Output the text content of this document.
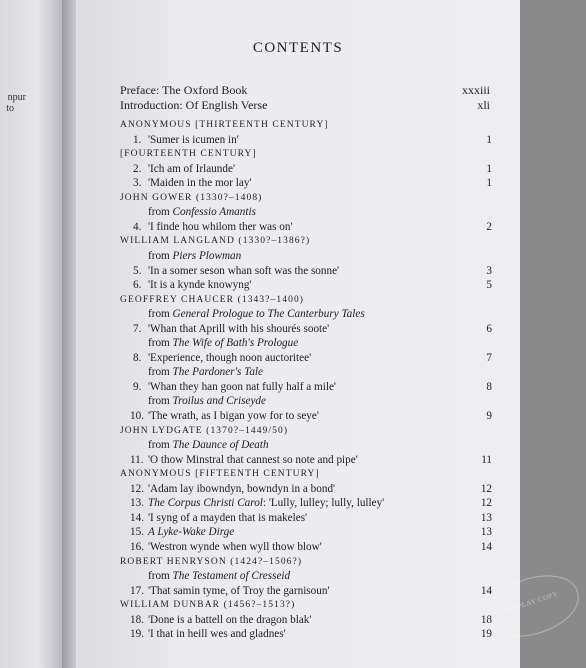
npur
to
CONTENTS
Preface: The Oxford Book	xxxiii
Introduction: Of English Verse	xli
ANONYMOUS [THIRTEENTH CENTURY]
1. 'Sumer is icumen in'	1
[FOURTEENTH CENTURY]
2. 'Ich am of Irlaunde'	1
3. 'Maiden in the mor lay'	1
JOHN GOWER (1330?–1408)
from Confessio Amantis
4. 'I finde hou whilom ther was on'	2
WILLIAM LANGLAND (1330?–1386?)
from Piers Plowman
5. 'In a somer seson whan soft was the sonne'	3
6. 'It is a kynde knowyng'	5
GEOFFREY CHAUCER (1343?–1400)
from General Prologue to The Canterbury Tales
7. 'Whan that Aprill with his shourés soote'	6
from The Wife of Bath's Prologue
8. 'Experience, though noon auctoritee'	7
from The Pardoner's Tale
9. 'Whan they han goon nat fully half a mile'	8
from Troilus and Criseyde
10. 'The wrath, as I bigan yow for to seye'	9
JOHN LYDGATE (1370?–1449/50)
from The Daunce of Death
11. 'O thow Minstral that cannest so note and pipe'	11
ANONYMOUS [FIFTEENTH CENTURY]
12. 'Adam lay ibowndyn, bowndyn in a bond'	12
13. The Corpus Christi Carol: 'Lully, lulley; lully, lulley'	12
14. 'I syng of a mayden that is makeles'	13
15. A Lyke-Wake Dirge	13
16. 'Westron wynde when wyll thow blow'	14
ROBERT HENRYSON (1424?–1506?)
from The Testament of Cresseid
17. 'That samin tyme, of Troy the garnisoun'	14
WILLIAM DUNBAR (1456?–1513?)
18. 'Done is a battell on the dragon blak'	18
19. 'I that in heill wes and gladnes'	19
DISPLAY COPY
